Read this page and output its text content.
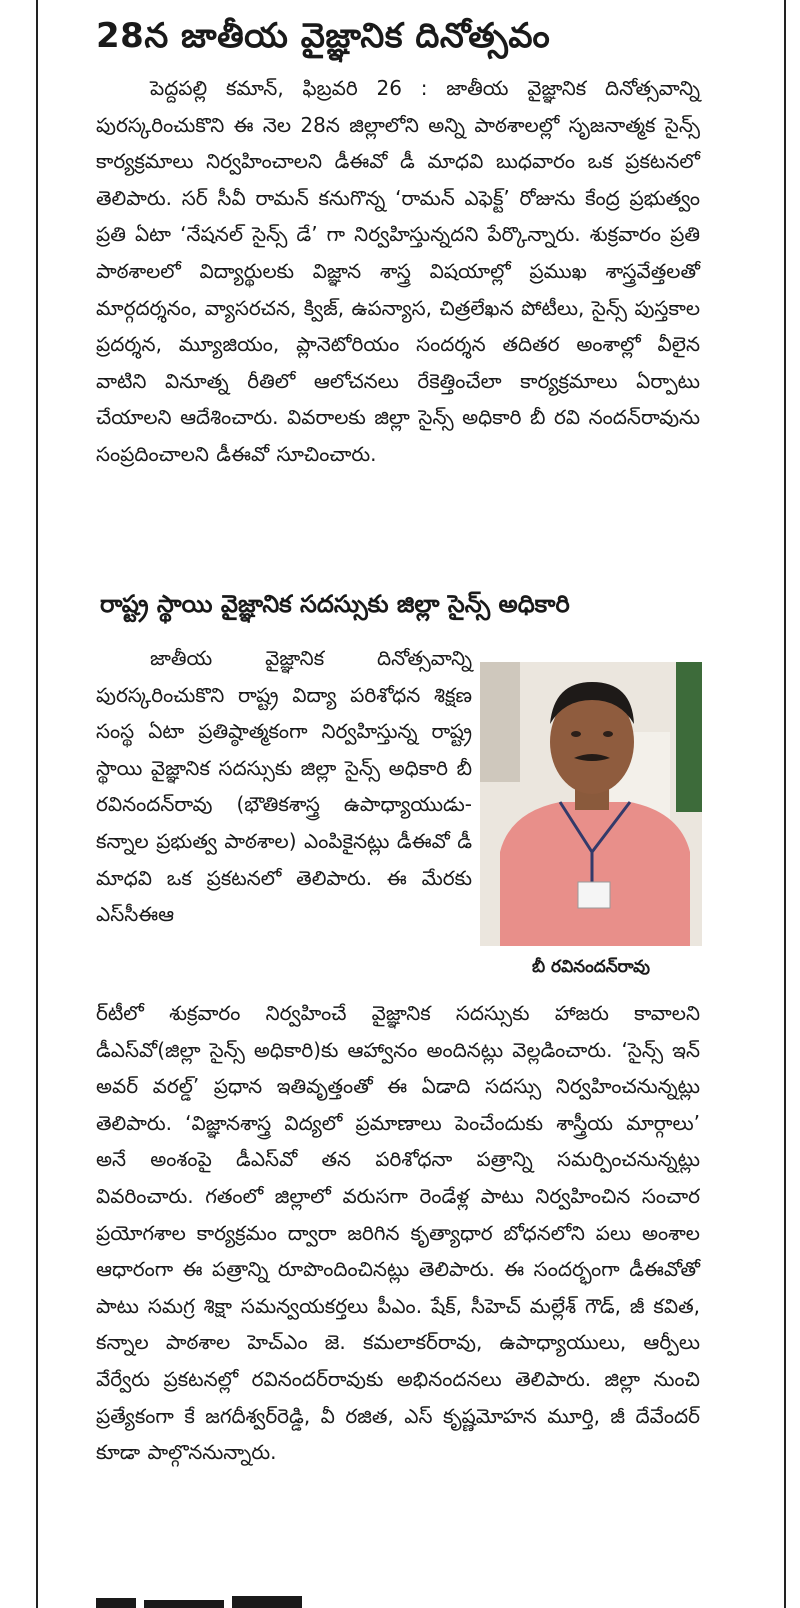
28న జాతీయ వైజ్ఞానిక దినోత్సవం

పెద్దపల్లి కమాన్, ఫిబ్రవరి 26 : జాతీయ వైజ్ఞానిక దినోత్సవాన్ని పురస్కరించుకొని ఈ నెల 28న జిల్లాలోని అన్ని పాఠశాలల్లో సృజనాత్మక సైన్స్ కార్యక్రమాలు నిర్వహించాలని డీఈవో డీ మాధవి బుధవారం ఒక ప్రకటనలో తెలిపారు. సర్ సీవీ రామన్ కనుగొన్న ‘రామన్ ఎఫెక్ట్’ రోజును కేంద్ర ప్రభుత్వం ప్రతి ఏటా ‘నేషనల్ సైన్స్ డే’ గా నిర్వహిస్తున్నదని పేర్కొన్నారు. శుక్రవారం ప్రతి పాఠశాలలో విద్యార్థులకు విజ్ఞాన శాస్త్ర విషయాల్లో ప్రముఖ శాస్త్రవేత్తలతో మార్గదర్శనం, వ్యాసరచన, క్విజ్, ఉపన్యాస, చిత్రలేఖన పోటీలు, సైన్స్ పుస్తకాల ప్రదర్శన, మ్యూజియం, ప్లానెటోరియం సందర్శన తదితర అంశాల్లో వీలైన వాటిని వినూత్న రీతిలో ఆలోచనలు రేకెత్తించేలా కార్యక్రమాలు ఏర్పాటు చేయాలని ఆదేశించారు. వివరాలకు జిల్లా సైన్స్ అధికారి బీ రవి నందన్‌రావును సంప్రదించాలని డీఈవో సూచించారు.

రాష్ట్ర స్థాయి వైజ్ఞానిక సదస్సుకు జిల్లా సైన్స్ అధికారి

జాతీయ వైజ్ఞానిక దినోత్సవాన్ని పురస్కరించుకొని రాష్ట్ర విద్యా పరిశోధన శిక్షణ సంస్థ ఏటా ప్రతిష్ఠాత్మకంగా నిర్వహిస్తున్న రాష్ట్ర స్థాయి వైజ్ఞానిక సదస్సుకు జిల్లా సైన్స్ అధికారి బీ రవినందన్‌రావు (భౌతికశాస్త్ర ఉపాధ్యాయుడు-కన్నాల ప్రభుత్వ పాఠశాల) ఎంపికైనట్లు డీఈవో డీ మాధవి ఒక ప్రకటనలో తెలిపారు. ఈ మేరకు ఎస్‌సీఈఆ

బీ రవినందన్‌రావు

ర్‌టీలో శుక్రవారం నిర్వహించే వైజ్ఞానిక సదస్సుకు హాజరు కావాలని డీఎస్‌వో(జిల్లా సైన్స్ అధికారి)కు ఆహ్వానం అందినట్లు వెల్లడించారు. ‘సైన్స్ ఇన్ అవర్ వరల్డ్’ ప్రధాన ఇతివృత్తంతో ఈ ఏడాది సదస్సు నిర్వహించనున్నట్లు తెలిపారు. ‘విజ్ఞానశాస్త్ర విద్యలో ప్రమాణాలు పెంచేందుకు శాస్త్రీయ మార్గాలు’ అనే అంశంపై డీఎస్‌వో తన పరిశోధనా పత్రాన్ని సమర్పించనున్నట్లు వివరించారు. గతంలో జిల్లాలో వరుసగా రెండేళ్ల పాటు నిర్వహించిన సంచార ప్రయోగశాల కార్యక్రమం ద్వారా జరిగిన కృత్యాధార బోధనలోని పలు అంశాల ఆధారంగా ఈ పత్రాన్ని రూపొందించినట్లు తెలిపారు. ఈ సందర్భంగా డీఈవోతో పాటు సమగ్ర శిక్షా సమన్వయకర్తలు పీఎం. షేక్, సీహెచ్ మల్లేశ్ గౌడ్, జీ కవిత, కన్నాల పాఠశాల హెచ్‌ఎం జె. కమలాకర్‌రావు, ఉపాధ్యాయులు, ఆర్పీలు వేర్వేరు ప్రకటనల్లో రవినందర్‌రావుకు అభినందనలు తెలిపారు. జిల్లా నుంచి ప్రత్యేకంగా కే జగదీశ్వర్‌రెడ్డి, వీ రజిత, ఎస్ కృష్ణమోహన మూర్తి, జీ దేవేందర్ కూడా పాల్గొననున్నారు.
